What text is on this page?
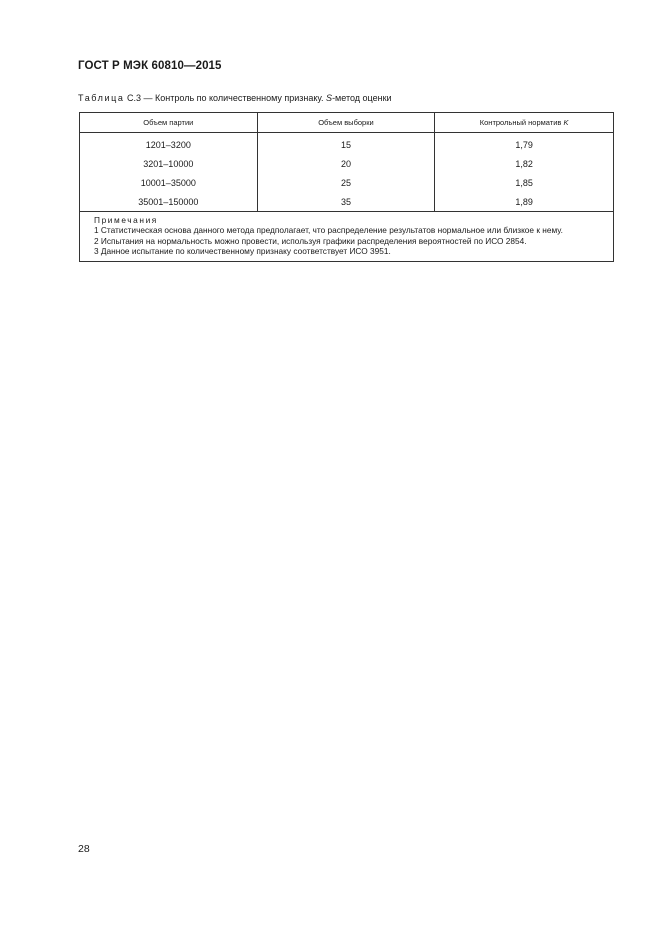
ГОСТ Р МЭК 60810—2015
Таблица С.3 — Контроль по количественному признаку. S-метод оценки
Объем партии	Объем выборки	Контрольный норматив K
1201–3200	15	1,79
3201–10000	20	1,82
10001–35000	25	1,85
35001–150000	35	1,89

Примечания
1 Статистическая основа данного метода предполагает, что распределение результатов нормальное или близкое к нему.
2 Испытания на нормальность можно провести, используя графики распределения вероятностей по ИСО 2854.
3 Данное испытание по количественному признаку соответствует ИСО 3951.		
28
